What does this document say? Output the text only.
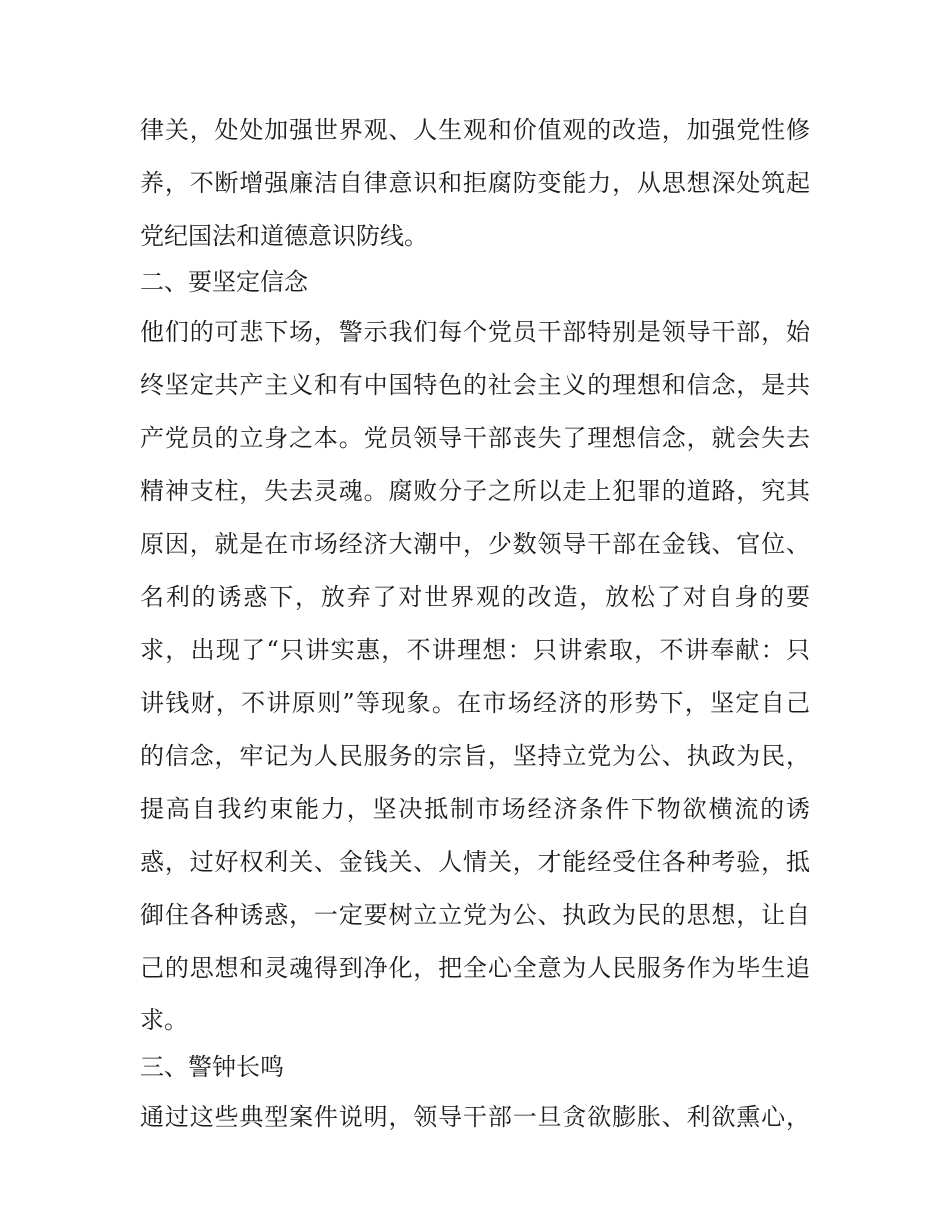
律关，处处加强世界观、人生观和价值观的改造，加强党性修
养，不断增强廉洁自律意识和拒腐防变能力，从思想深处筑起
党纪国法和道德意识防线。
二、要坚定信念
他们的可悲下场，警示我们每个党员干部特别是领导干部，始
终坚定共产主义和有中国特色的社会主义的理想和信念，是共
产党员的立身之本。党员领导干部丧失了理想信念，就会失去
精神支柱，失去灵魂。腐败分子之所以走上犯罪的道路，究其
原因，就是在市场经济大潮中，少数领导干部在金钱、官位、
名利的诱惑下，放弃了对世界观的改造，放松了对自身的要
求，出现了“只讲实惠，不讲理想：只讲索取，不讲奉献：只
讲钱财，不讲原则”等现象。在市场经济的形势下，坚定自己
的信念，牢记为人民服务的宗旨，坚持立党为公、执政为民，
提高自我约束能力，坚决抵制市场经济条件下物欲横流的诱
惑，过好权利关、金钱关、人情关，才能经受住各种考验，抵
御住各种诱惑，一定要树立立党为公、执政为民的思想，让自
己的思想和灵魂得到净化，把全心全意为人民服务作为毕生追
求。
三、警钟长鸣
通过这些典型案件说明，领导干部一旦贪欲膨胀、利欲熏心，
